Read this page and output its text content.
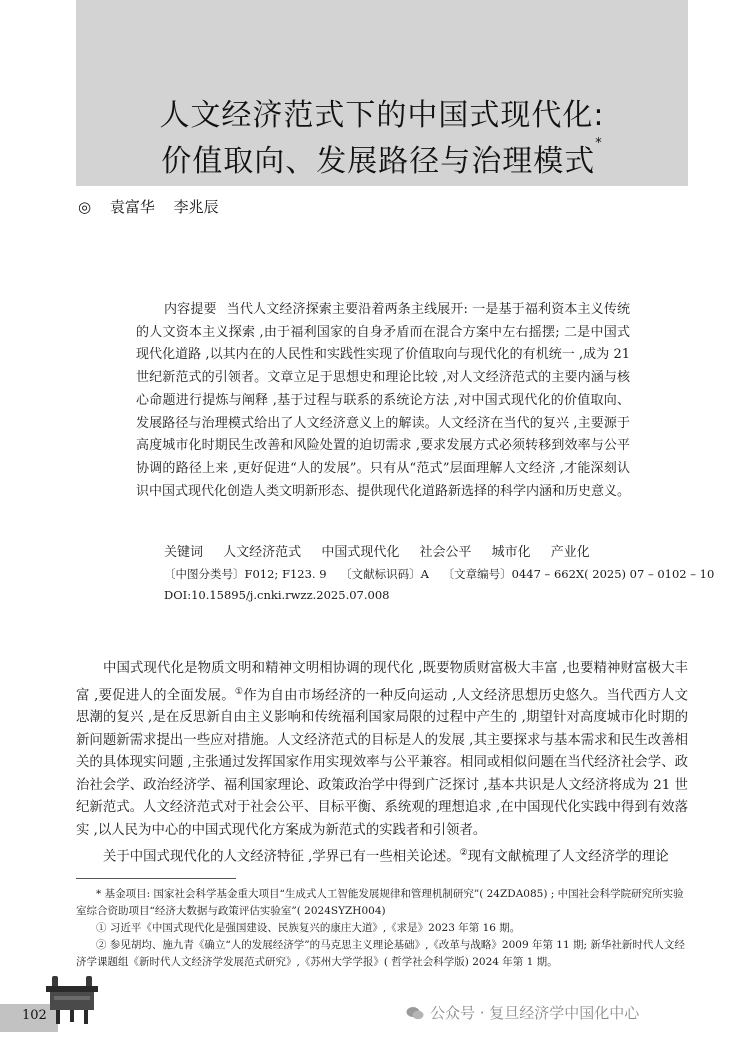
人文经济范式下的中国式现代化:
价值取向、发展路径与治理模式*
◎ 袁富华 李兆辰
内容提要 当代人文经济探索主要沿着两条主线展开: 一是基于福利资本主义传统的人文资本主义探索 ,由于福利国家的自身矛盾而在混合方案中左右摇摆; 二是中国式现代化道路 ,以其内在的人民性和实践性实现了价值取向与现代化的有机统一 ,成为 21 世纪新范式的引领者。文章立足于思想史和理论比较 ,对人文经济范式的主要内涵与核心命题进行提炼与阐释 ,基于过程与联系的系统论方法 ,对中国式现代化的价值取向、发展路径与治理模式给出了人文经济意义上的解读。人文经济在当代的复兴 ,主要源于高度城市化时期民生改善和风险处置的迫切需求 ,要求发展方式必须转移到效率与公平协调的路径上来 ,更好促进“人的发展”。只有从“范式”层面理解人文经济 ,才能深刻认识中国式现代化创造人类文明新形态、提供现代化道路新选择的科学内涵和历史意义。
关键词 人文经济范式 中国式现代化 社会公平 城市化 产业化
〔中图分类号〕F012; F123. 9 〔文献标识码〕A 〔文章编号〕0447 – 662X( 2025) 07 – 0102 – 10
DOI:10.15895/j.cnki.rwzz.2025.07.008

中国式现代化是物质文明和精神文明相协调的现代化 ,既要物质财富极大丰富 ,也要精神财富极大丰富 ,要促进人的全面发展。①作为自由市场经济的一种反向运动 ,人文经济思想历史悠久。当代西方人文思潮的复兴 ,是在反思新自由主义影响和传统福利国家局限的过程中产生的 ,期望针对高度城市化时期的新问题新需求提出一些应对措施。人文经济范式的目标是人的发展 ,其主要探求与基本需求和民生改善相关的具体现实问题 ,主张通过发挥国家作用实现效率与公平兼容。相同或相似问题在当代经济社会学、政治社会学、政治经济学、福利国家理论、政策政治学中得到广泛探讨 ,基本共识是人文经济将成为 21 世纪新范式。人文经济范式对于社会公平、目标平衡、系统观的理想追求 ,在中国现代化实践中得到有效落实 ,以人民为中心的中国式现代化方案成为新范式的实践者和引领者。

关于中国式现代化的人文经济特征 ,学界已有一些相关论述。②现有文献梳理了人文经济学的理论

* 基金项目: 国家社会科学基金重大项目“生成式人工智能发展规律和管理机制研究”( 24ZDA085) ; 中国社会科学院研究所实验室综合资助项目“经济大数据与政策评估实验室”( 2024SYZH004)

① 习近平《中国式现代化是强国建设、民族复兴的康庄大道》,《求是》2023 年第 16 期。

② 参见胡均、施九青《确立“人的发展经济学”的马克思主义理论基础》,《改革与战略》2009 年第 11 期; 新华社新时代人文经济学课题组《新时代人文经济学发展范式研究》,《苏州大学学报》( 哲学社会科学版) 2024 年第 1 期。

102	公众号 · 复旦经济学中国化中心
